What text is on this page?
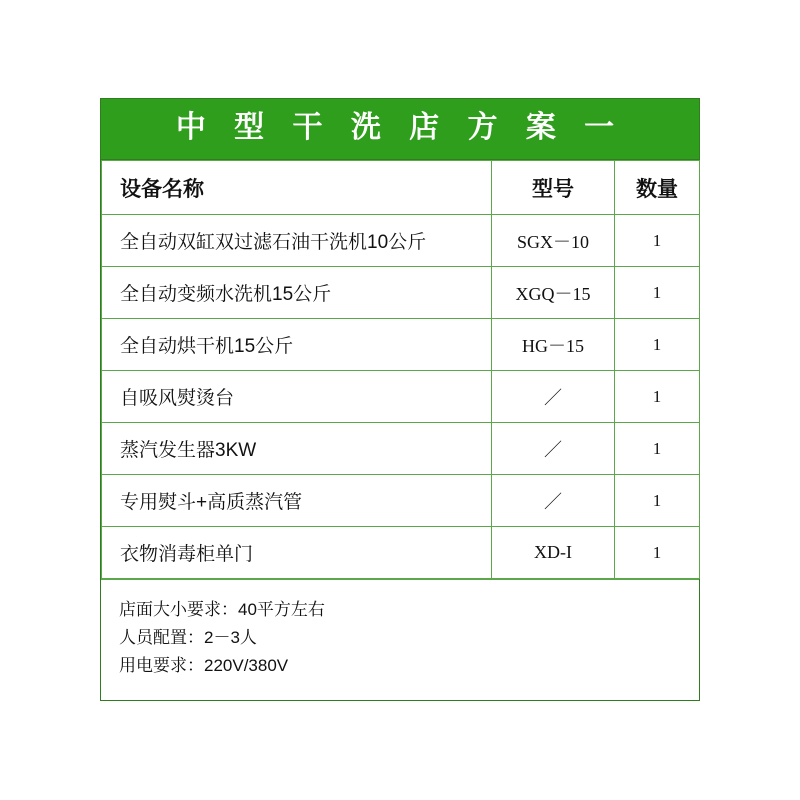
中 型 干 洗 店 方 案 一
设备名称	型号	数量
全自动双缸双过滤石油干洗机10公斤	SGX－10	1
全自动变频水洗机15公斤	XGQ－15	1
全自动烘干机15公斤	HG－15	1
自吸风熨烫台	／	1
蒸汽发生器3KW	／	1
专用熨斗+高质蒸汽管	／	1
衣物消毒柜单门	XD-I	1
店面大小要求：40平方左右
人员配置：2－3人
用电要求：220V/380V
